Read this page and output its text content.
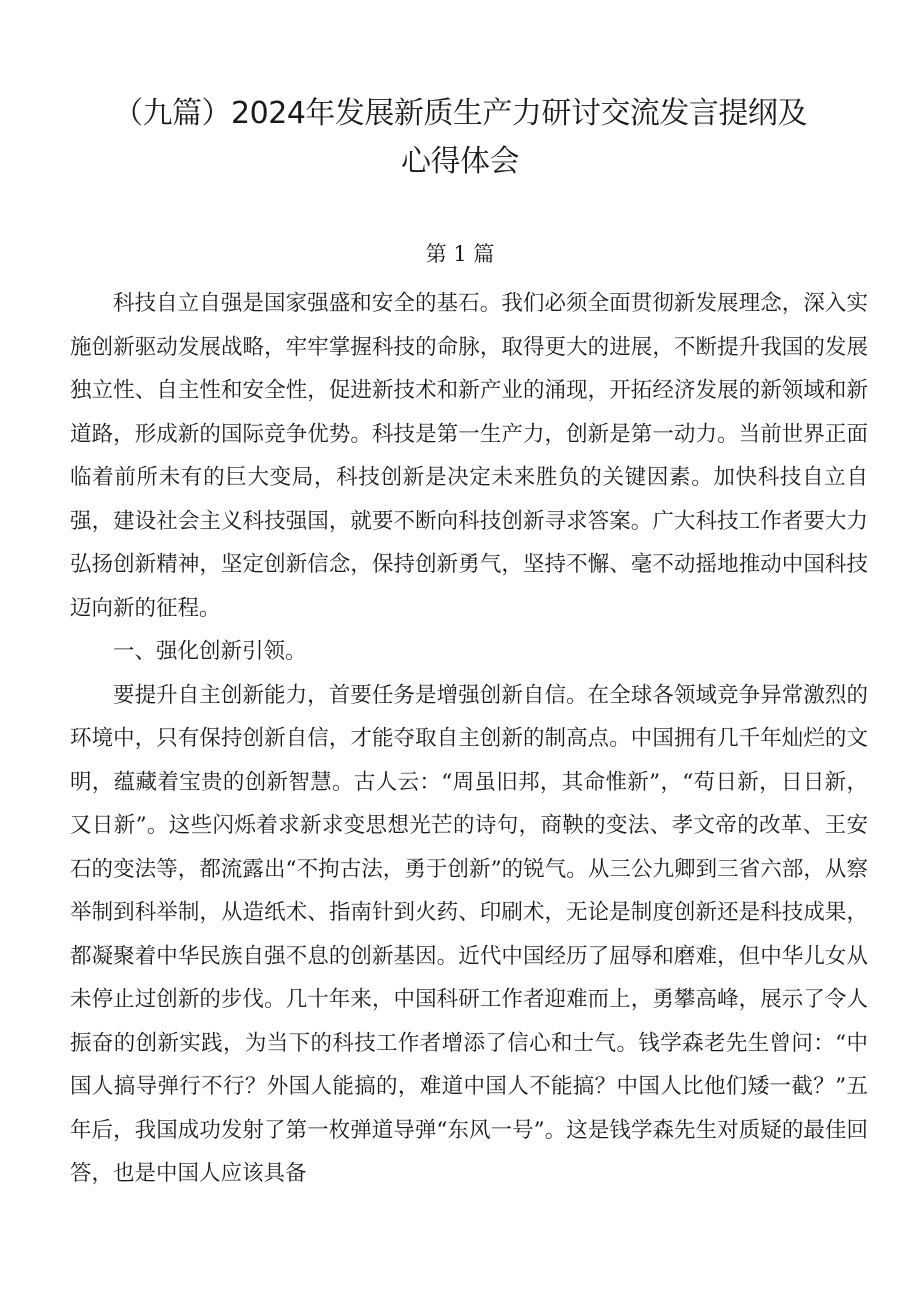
（九篇）2024年发展新质生产力研讨交流发言提纲及
心得体会
第 1 篇

科技自立自强是国家强盛和安全的基石。我们必须全面贯彻新发展理念，深入实施创新驱动发展战略，牢牢掌握科技的命脉，取得更大的进展，不断提升我国的发展独立性、自主性和安全性，促进新技术和新产业的涌现，开拓经济发展的新领域和新道路，形成新的国际竞争优势。科技是第一生产力，创新是第一动力。当前世界正面临着前所未有的巨大变局，科技创新是决定未来胜负的关键因素。加快科技自立自强，建设社会主义科技强国，就要不断向科技创新寻求答案。广大科技工作者要大力弘扬创新精神，坚定创新信念，保持创新勇气，坚持不懈、毫不动摇地推动中国科技迈向新的征程。

一、强化创新引领。

要提升自主创新能力，首要任务是增强创新自信。在全球各领域竞争异常激烈的环境中，只有保持创新自信，才能夺取自主创新的制高点。中国拥有几千年灿烂的文明，蕴藏着宝贵的创新智慧。古人云：“周虽旧邦，其命惟新”，“苟日新，日日新，又日新”。这些闪烁着求新求变思想光芒的诗句，商鞅的变法、孝文帝的改革、王安石的变法等，都流露出“不拘古法，勇于创新”的锐气。从三公九卿到三省六部，从察举制到科举制，从造纸术、指南针到火药、印刷术，无论是制度创新还是科技成果，都凝聚着中华民族自强不息的创新基因。近代中国经历了屈辱和磨难，但中华儿女从未停止过创新的步伐。几十年来，中国科研工作者迎难而上，勇攀高峰，展示了令人振奋的创新实践，为当下的科技工作者增添了信心和士气。钱学森老先生曾问：“中国人搞导弹行不行？外国人能搞的，难道中国人不能搞？中国人比他们矮一截？”五年后，我国成功发射了第一枚弹道导弹“东风一号”。这是钱学森先生对质疑的最佳回答，也是中国人应该具备
